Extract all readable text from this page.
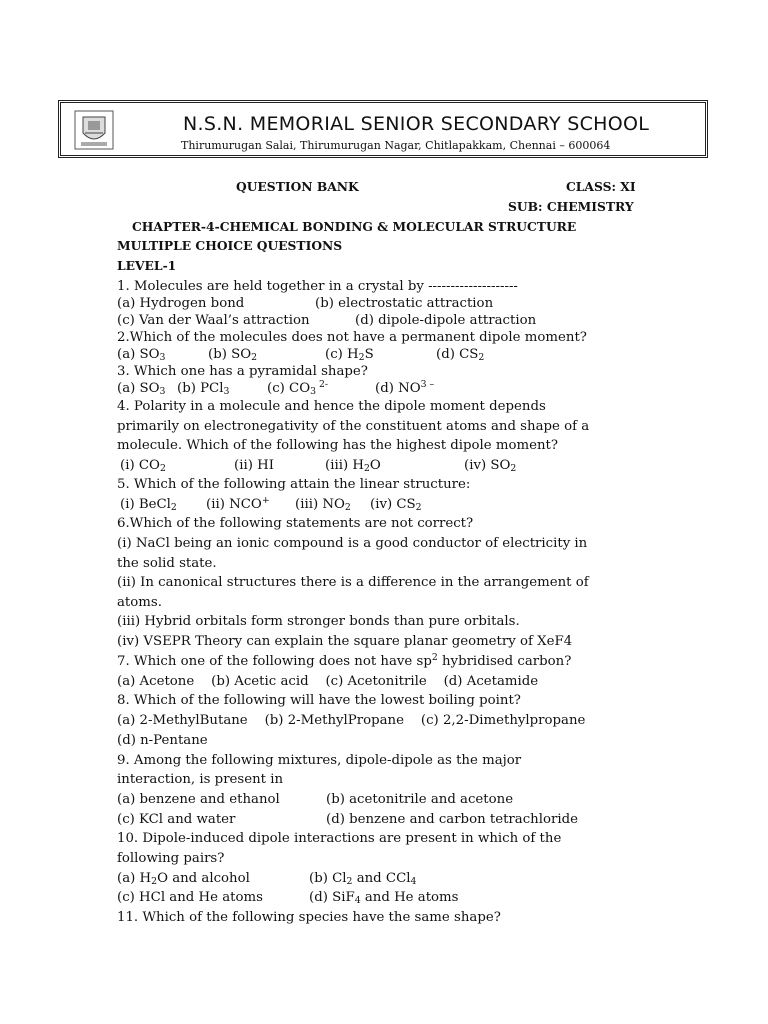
N.S.N. MEMORIAL SENIOR SECONDARY SCHOOL
Thirumurugan Salai, Thirumurugan Nagar, Chitlapakkam, Chennai – 600064
QUESTION BANK	CLASS: XI
SUB: CHEMISTRY
CHAPTER-4-CHEMICAL BONDING & MOLECULAR STRUCTURE
MULTIPLE CHOICE QUESTIONS
LEVEL-1
1. Molecules are held together in a crystal by --------------------
(a) Hydrogen bond	(b) electrostatic attraction
(c) Van der Waal’s attraction	(d) dipole-dipole attraction
2.Which of the molecules does not have a permanent dipole moment?
(a) $SO_3$	(b) $SO_2$	(c) $H_2S$	(d) $CS_2$
3. Which one has a pyramidal shape?
(a) $SO_3$ (b) PCl$_3$	(c) $CO_3$ $^{2-}$	(d) $NO^{3 -}$
4. Polarity in a molecule and hence the dipole moment depends
primarily on electronegativity of the constituent atoms and shape of a
molecule. Which of the following has the highest dipole moment?
(i) $CO_2$	(ii) HI	(iii) $H_2O$	(iv) $SO_2$
5. Which of the following attain the linear structure:
(i) BeCl$_2$ (ii) NCO+ (iii) $NO_2$ (iv) $CS_2$
6.Which of the following statements are not correct?
(i) NaCl being an ionic compound is a good conductor of electricity in
the solid state.
(ii) In canonical structures there is a difference in the arrangement of
atoms.
(iii) Hybrid orbitals form stronger bonds than pure orbitals.
(iv) VSEPR Theory can explain the square planar geometry of XeF4
7. Which one of the following does not have $sp^2$ hybridised carbon?
(a) Acetone    (b) Acetic acid    (c) Acetonitrile    (d) Acetamide
8. Which of the following will have the lowest boiling point?
(a) 2-MethylButane    (b) 2-MethylPropane    (c) 2,2-Dimethylpropane
(d) n-Pentane
9. Among the following mixtures, dipole-dipole as the major
interaction, is present in
(a) benzene and ethanol	(b) acetonitrile and acetone
(c) KCl and water	(d) benzene and carbon tetrachloride
10. Dipole-induced dipole interactions are present in which of the
following pairs?
(a) $H_2O$ and alcohol	(b) $Cl_2$ and CCl$_4$
(c) HCl and He atoms	(d) SiF$_4$ and He atoms
11. Which of the following species have the same shape?
